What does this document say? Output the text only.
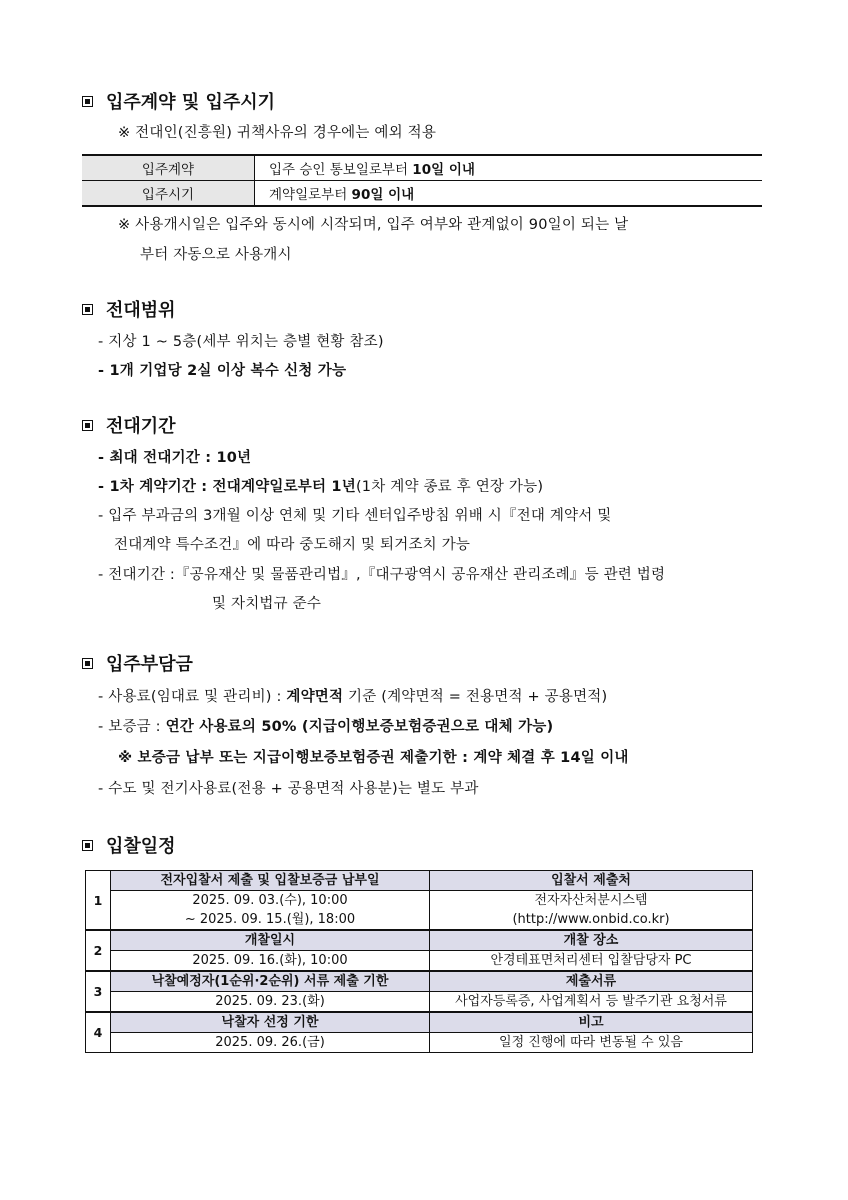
입주계약 및 입주시기
※ 전대인(진흥원) 귀책사유의 경우에는 예외 적용
입주계약	입주 승인 통보일로부터 10일 이내
입주시기	계약일로부터 90일 이내
※ 사용개시일은 입주와 동시에 시작되며, 입주 여부와 관계없이 90일이 되는 날
부터 자동으로 사용개시
전대범위
- 지상 1 ~ 5층(세부 위치는 층별 현황 참조)
- 1개 기업당 2실 이상 복수 신청 가능
전대기간
- 최대 전대기간 : 10년
- 1차 계약기간 : 전대계약일로부터 1년(1차 계약 종료 후 연장 가능)
- 입주 부과금의 3개월 이상 연체 및 기타 센터입주방침 위배 시『전대 계약서 및
전대계약 특수조건』에 따라 중도해지 및 퇴거조치 가능
- 전대기간 :『공유재산 및 물품관리법』,『대구광역시 공유재산 관리조례』등 관련 법령
및 자치법규 준수
입주부담금
- 사용료(임대료 및 관리비) : 계약면적 기준 (계약면적 = 전용면적 + 공용면적)
- 보증금 : 연간 사용료의 50% (지급이행보증보험증권으로 대체 가능)
※ 보증금 납부 또는 지급이행보증보험증권 제출기한 : 계약 체결 후 14일 이내
- 수도 및 전기사용료(전용 + 공용면적 사용분)는 별도 부과
입찰일정
1	전자입찰서 제출 및 입찰보증금 납부일	입찰서 제출처
	2025. 09. 03.(수), 10:00	전자자산처분시스템
	~ 2025. 09. 15.(월), 18:00	(http://www.onbid.co.kr)
2	개찰일시	개찰 장소
	2025. 09. 16.(화), 10:00	안경테표면처리센터 입찰담당자 PC
3	낙찰예정자(1순위·2순위) 서류 제출 기한	제출서류
	2025. 09. 23.(화)	사업자등록증, 사업계획서 등 발주기관 요청서류
4	낙찰자 선정 기한	비고
	2025. 09. 26.(금)	일정 진행에 따라 변동될 수 있음
